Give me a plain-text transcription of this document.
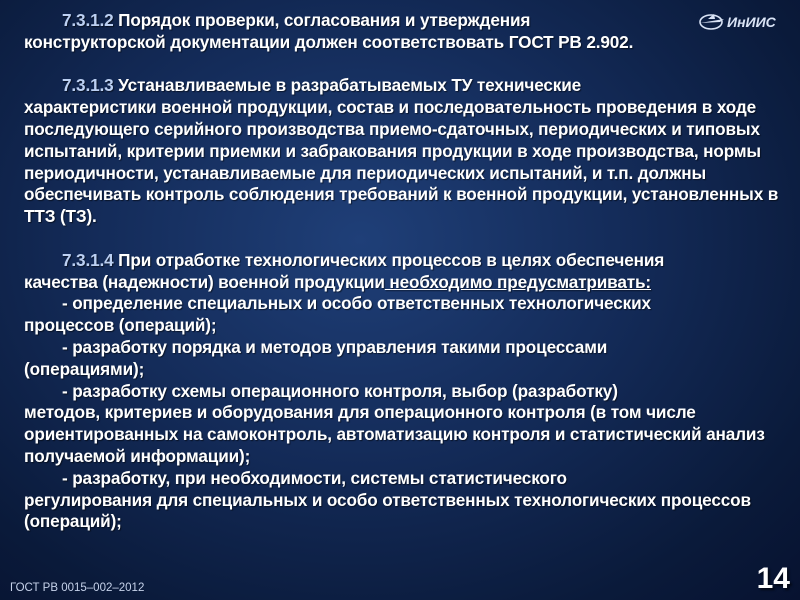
ИнИИС
7.3.1.2 Порядок проверки, согласования и утверждения
конструкторской документации должен соответствовать ГОСТ РВ 2.902.
7.3.1.3 Устанавливаемые в разрабатываемых ТУ технические
характеристики военной продукции, состав и последовательность проведения в ходе последующего серийного производства приемо-сдаточных, периодических и типовых испытаний, критерии приемки и забракования продукции в ходе производства, нормы периодичности, устанавливаемые для периодических испытаний, и т.п. должны обеспечивать контроль соблюдения требований к военной продукции, установленных в ТТЗ (ТЗ).
7.3.1.4 При отработке технологических процессов в целях обеспечения
качества (надежности) военной продукции необходимо предусматривать:
- определение специальных и особо ответственных технологических
процессов (операций);
- разработку порядка и методов управления такими процессами
(операциями);
- разработку схемы операционного контроля, выбор (разработку)
методов, критериев и оборудования для операционного контроля (в том числе ориентированных на самоконтроль, автоматизацию контроля и статистический анализ получаемой информации);
- разработку, при необходимости, системы статистического
регулирования для специальных и особо ответственных технологических процессов (операций);
ГОСТ РВ 0015–002–2012	14
